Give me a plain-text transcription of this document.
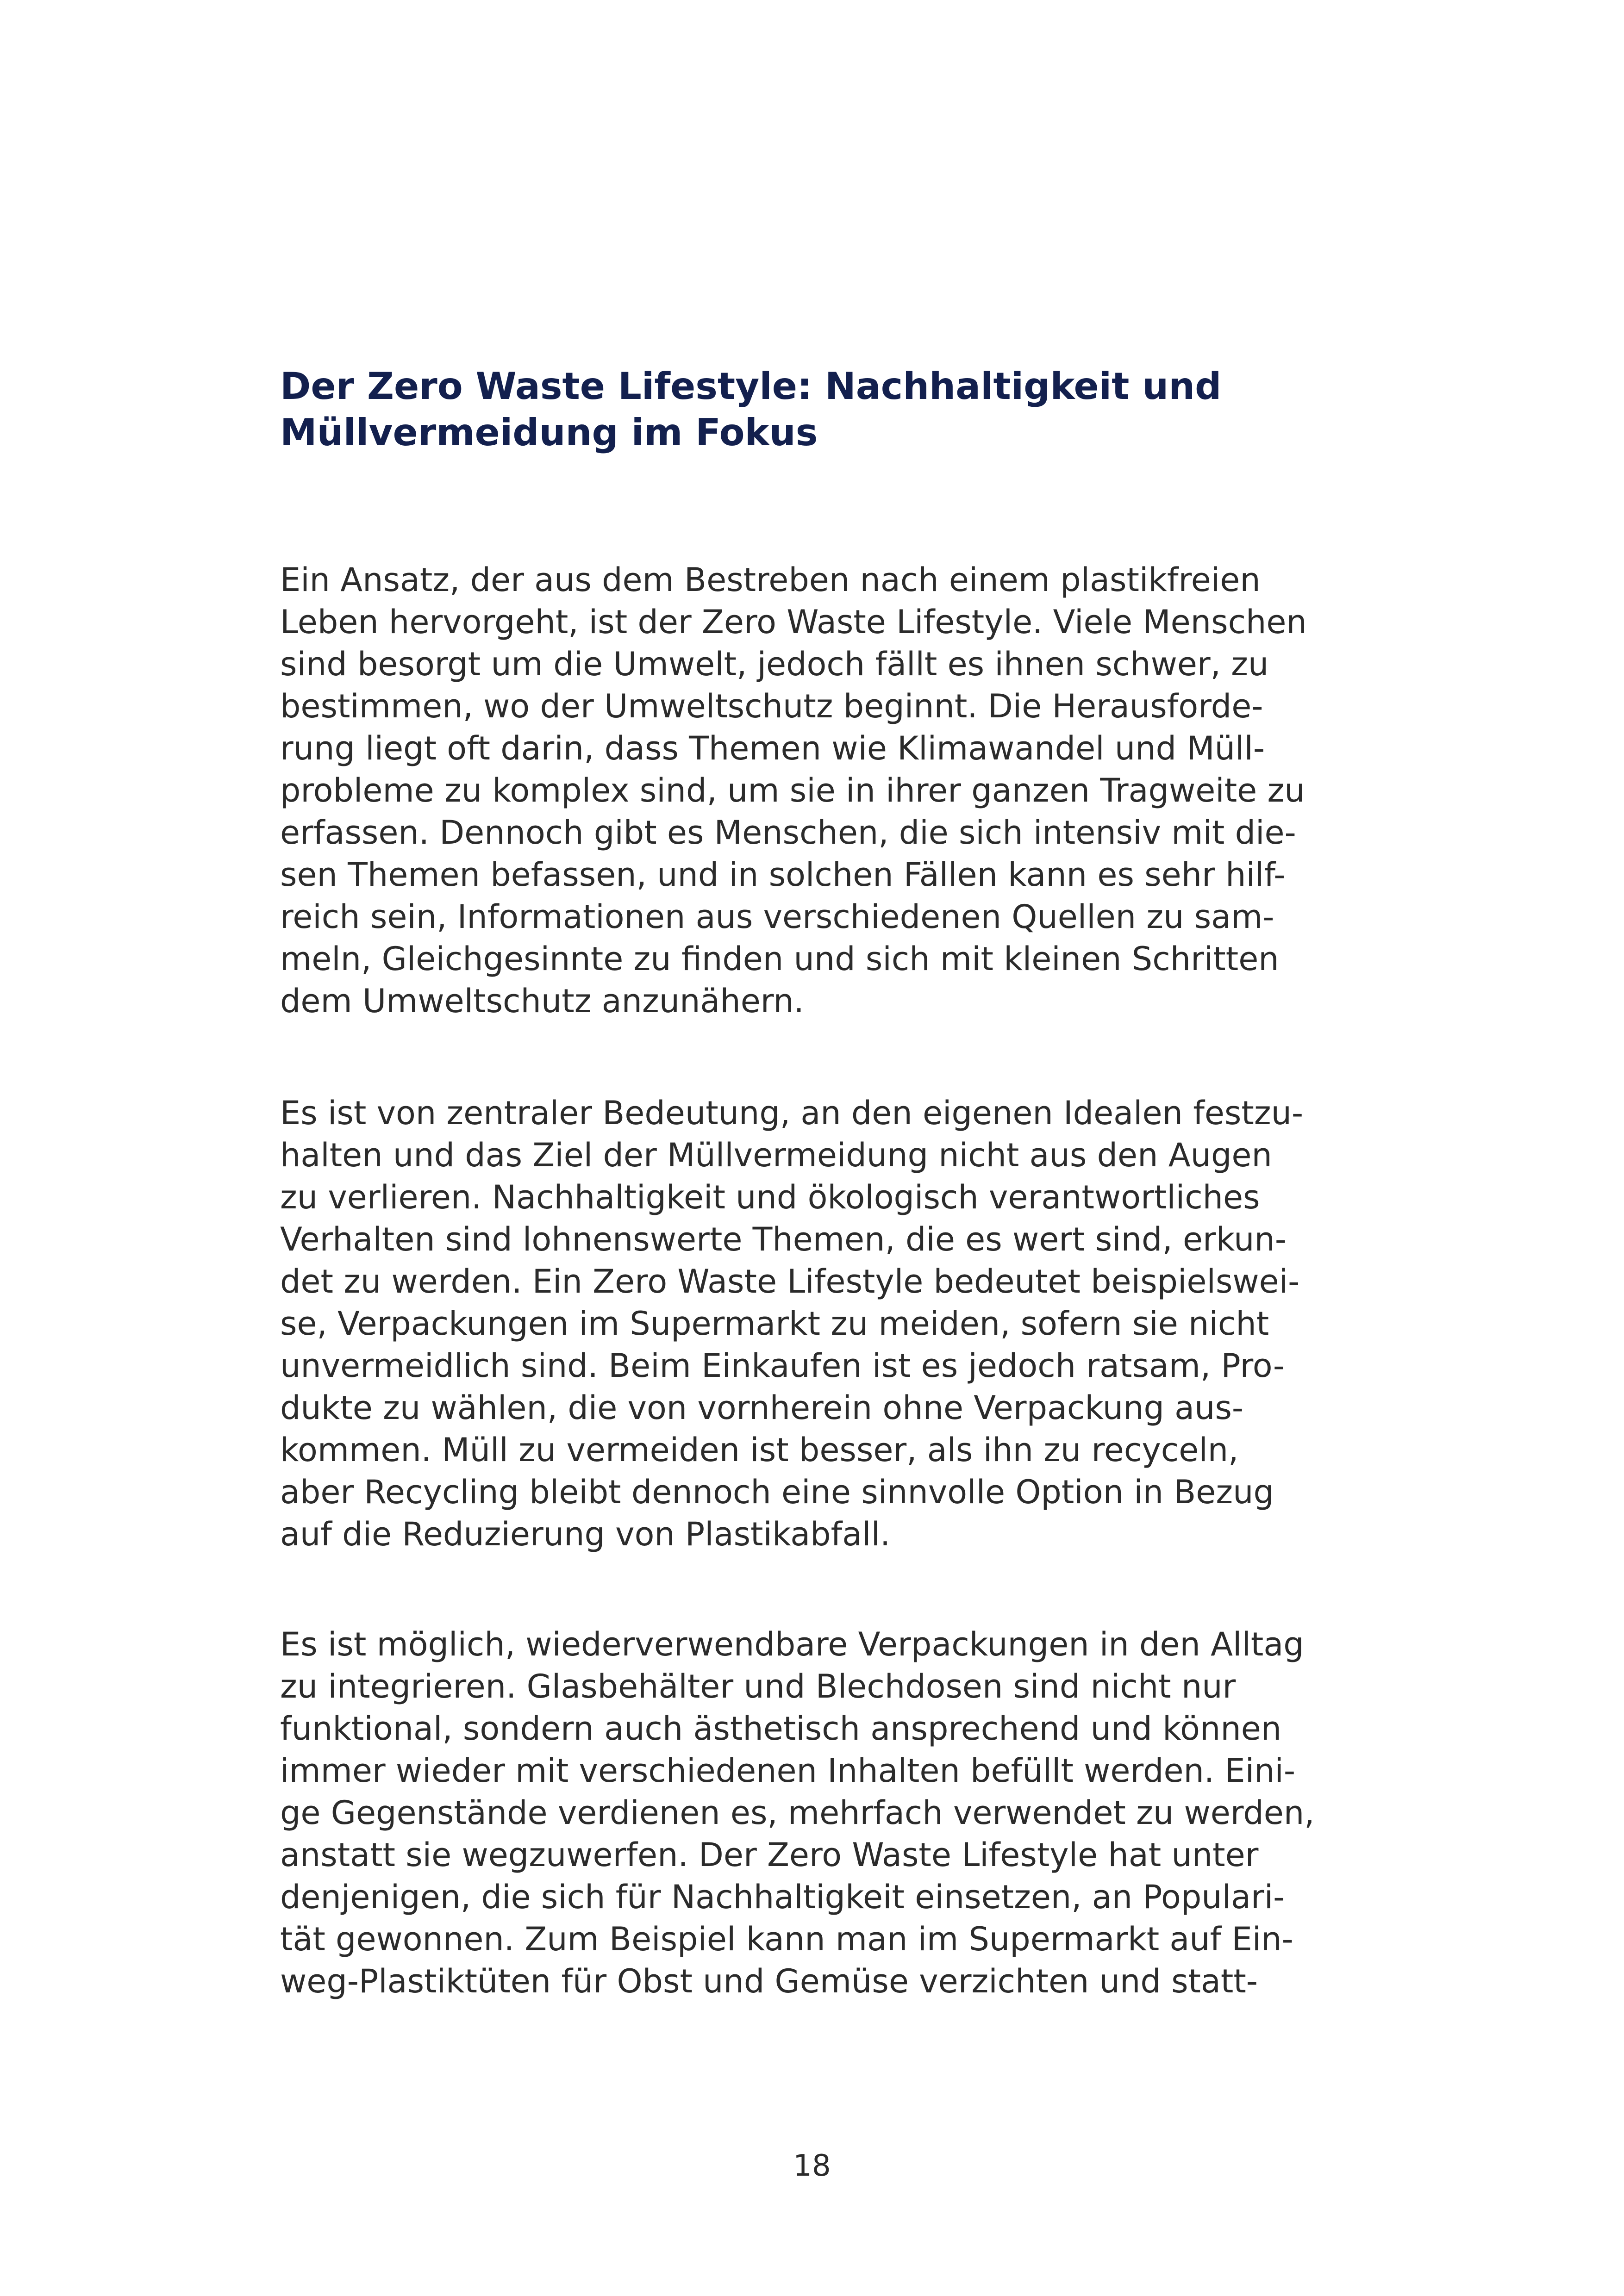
Der Zero Waste Lifestyle: Nachhaltigkeit und
Müllvermeidung im Fokus
Ein Ansatz, der aus dem Bestreben nach einem plastikfreien
Leben hervorgeht, ist der Zero Waste Lifestyle. Viele Menschen
sind besorgt um die Umwelt, jedoch fällt es ihnen schwer, zu
bestimmen, wo der Umweltschutz beginnt. Die Herausforde-
rung liegt oft darin, dass Themen wie Klimawandel und Müll-
probleme zu komplex sind, um sie in ihrer ganzen Tragweite zu
erfassen. Dennoch gibt es Menschen, die sich intensiv mit die-
sen Themen befassen, und in solchen Fällen kann es sehr hilf-
reich sein, Informationen aus verschiedenen Quellen zu sam-
meln, Gleichgesinnte zu finden und sich mit kleinen Schritten
dem Umweltschutz anzunähern.
Es ist von zentraler Bedeutung, an den eigenen Idealen festzu-
halten und das Ziel der Müllvermeidung nicht aus den Augen
zu verlieren. Nachhaltigkeit und ökologisch verantwortliches
Verhalten sind lohnenswerte Themen, die es wert sind, erkun-
det zu werden. Ein Zero Waste Lifestyle bedeutet beispielswei-
se, Verpackungen im Supermarkt zu meiden, sofern sie nicht
unvermeidlich sind. Beim Einkaufen ist es jedoch ratsam, Pro-
dukte zu wählen, die von vornherein ohne Verpackung aus-
kommen. Müll zu vermeiden ist besser, als ihn zu recyceln,
aber Recycling bleibt dennoch eine sinnvolle Option in Bezug
auf die Reduzierung von Plastikabfall.
Es ist möglich, wiederverwendbare Verpackungen in den Alltag
zu integrieren. Glasbehälter und Blechdosen sind nicht nur
funktional, sondern auch ästhetisch ansprechend und können
immer wieder mit verschiedenen Inhalten befüllt werden. Eini-
ge Gegenstände verdienen es, mehrfach verwendet zu werden,
anstatt sie wegzuwerfen. Der Zero Waste Lifestyle hat unter
denjenigen, die sich für Nachhaltigkeit einsetzen, an Populari-
tät gewonnen. Zum Beispiel kann man im Supermarkt auf Ein-
weg-Plastiktüten für Obst und Gemüse verzichten und statt-
18
